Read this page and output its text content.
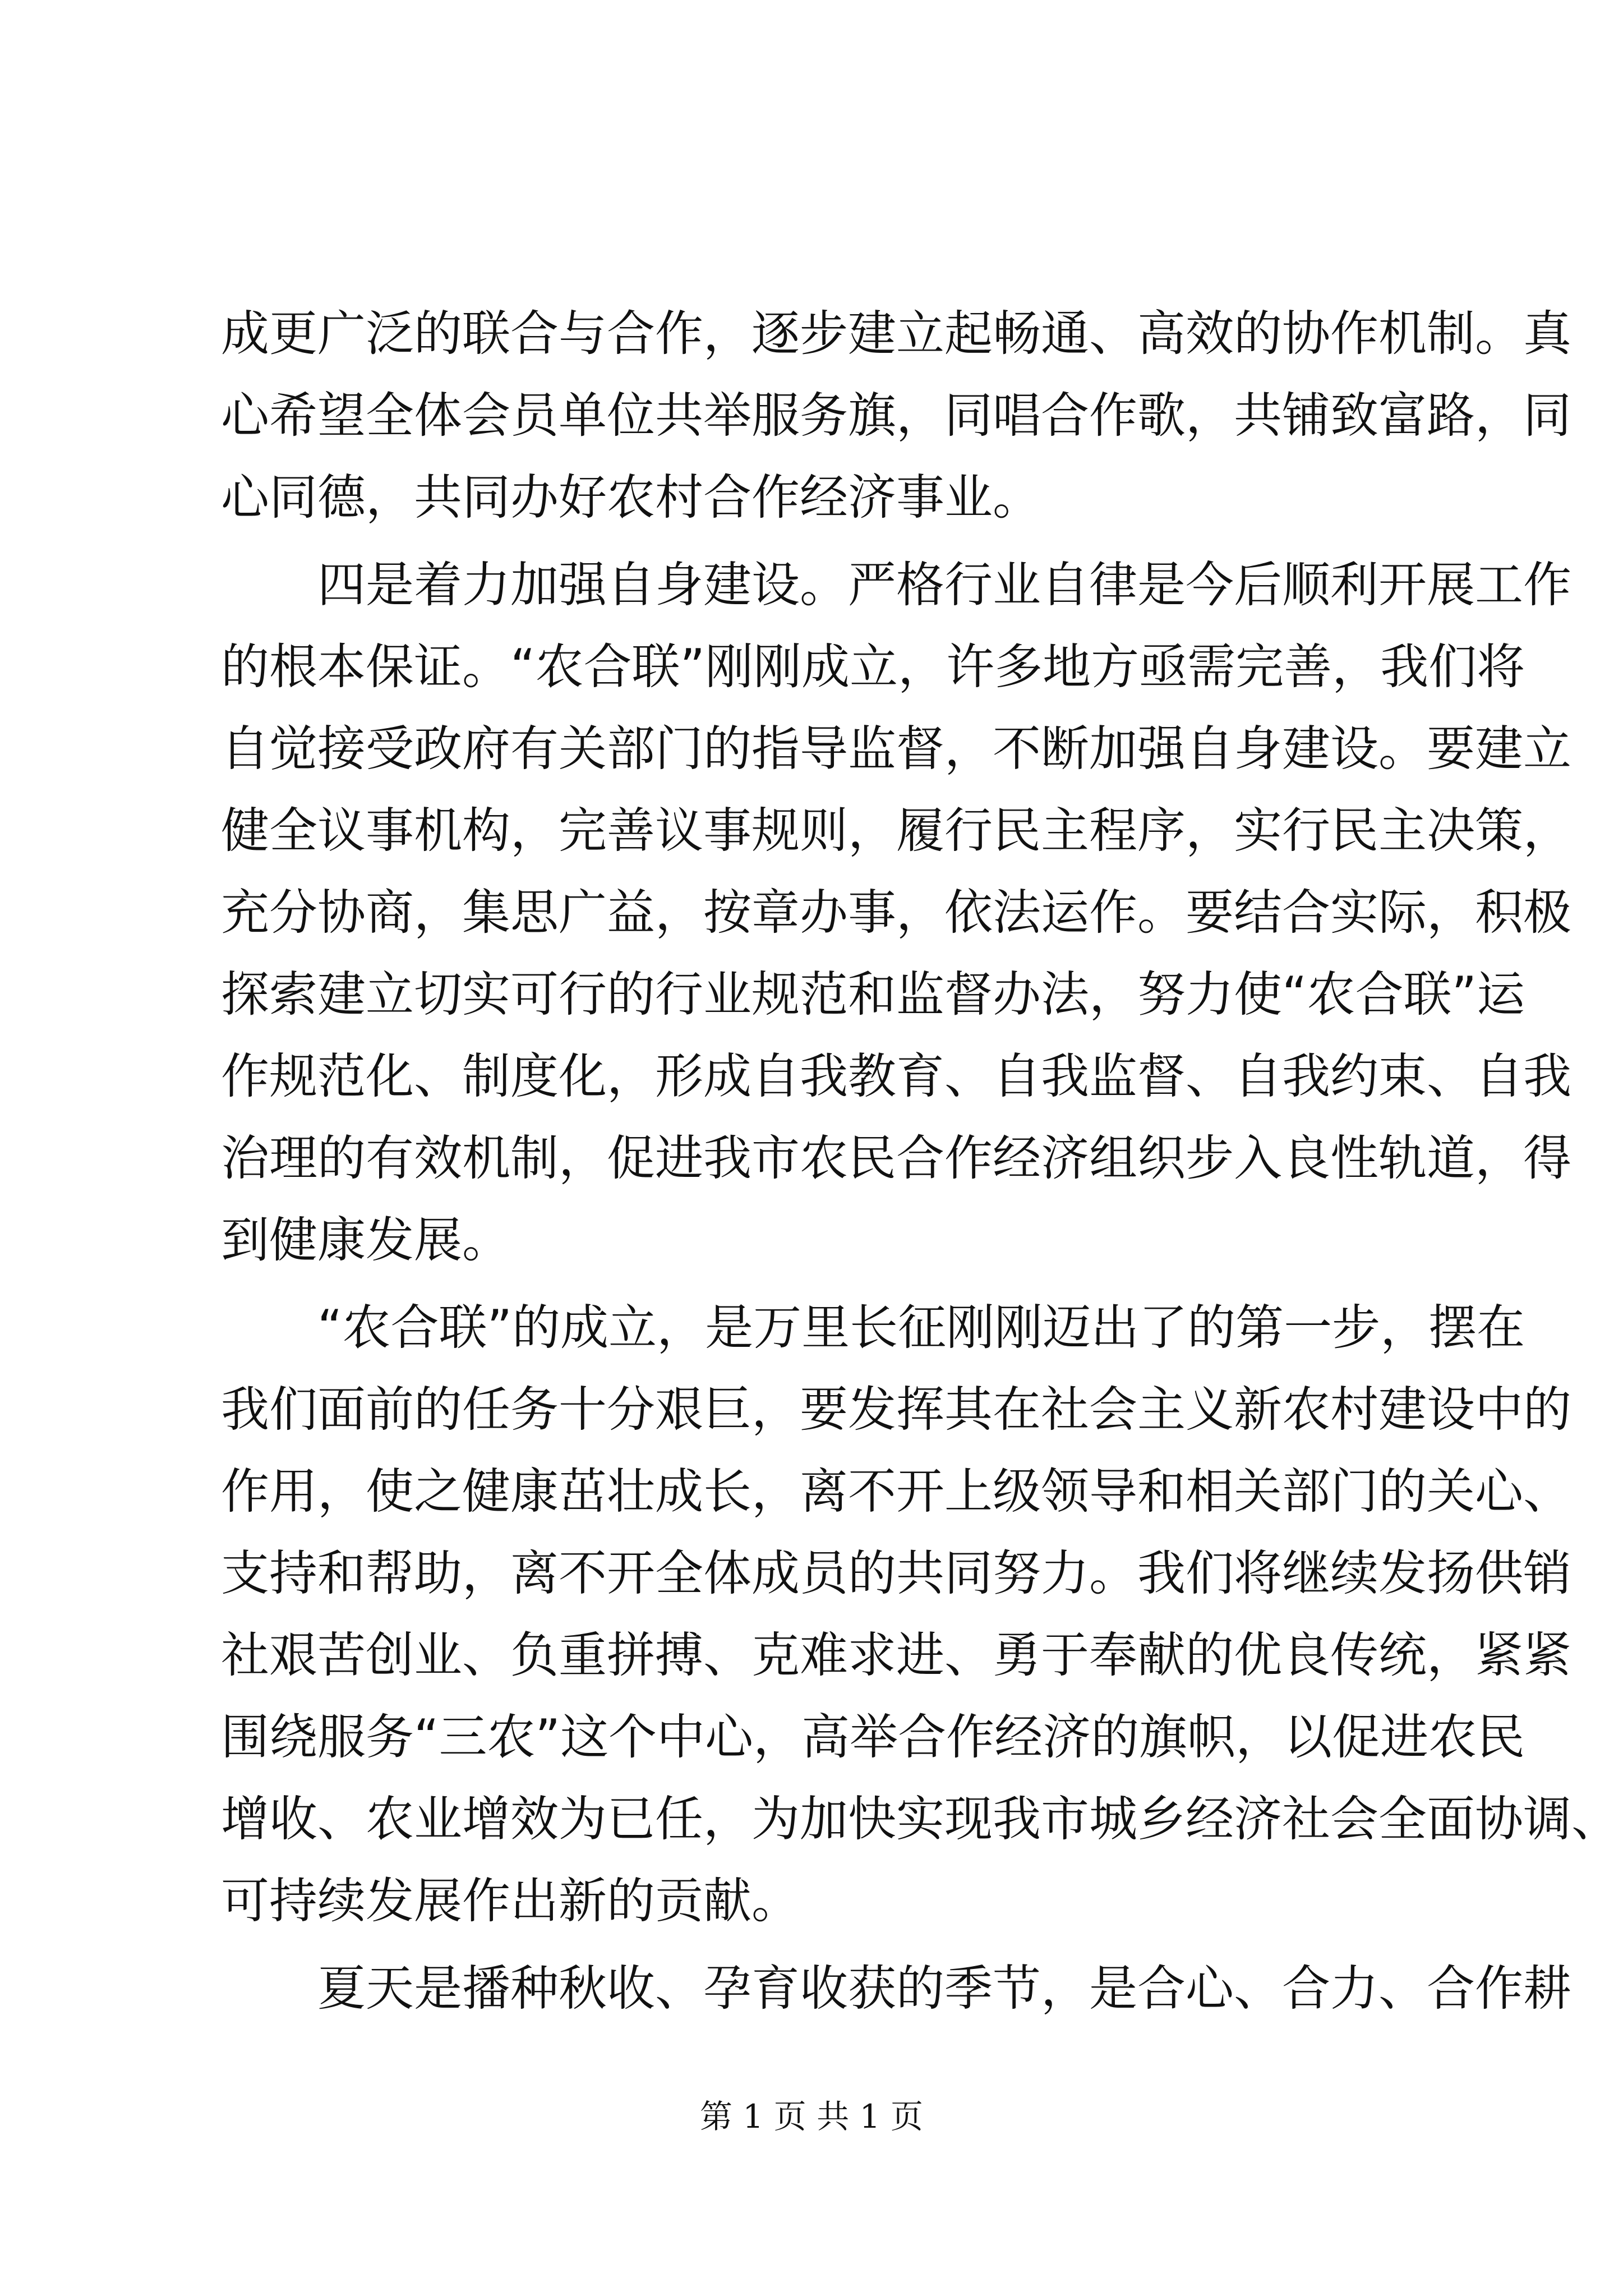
成更广泛的联合与合作，逐步建立起畅通、高效的协作机制。真
心希望全体会员单位共举服务旗，同唱合作歌，共铺致富路，同
心同德，共同办好农村合作经济事业。
四是着力加强自身建设。严格行业自律是今后顺利开展工作
的根本保证。“农合联”刚刚成立，许多地方亟需完善，我们将
自觉接受政府有关部门的指导监督，不断加强自身建设。要建立
健全议事机构，完善议事规则，履行民主程序，实行民主决策，
充分协商，集思广益，按章办事，依法运作。要结合实际，积极
探索建立切实可行的行业规范和监督办法，努力使“农合联”运
作规范化、制度化，形成自我教育、自我监督、自我约束、自我
治理的有效机制，促进我市农民合作经济组织步入良性轨道，得
到健康发展。
“农合联”的成立，是万里长征刚刚迈出了的第一步，摆在
我们面前的任务十分艰巨，要发挥其在社会主义新农村建设中的
作用，使之健康茁壮成长，离不开上级领导和相关部门的关心、
支持和帮助，离不开全体成员的共同努力。我们将继续发扬供销
社艰苦创业、负重拼搏、克难求进、勇于奉献的优良传统，紧紧
围绕服务“三农”这个中心，高举合作经济的旗帜，以促进农民
增收、农业增效为已任，为加快实现我市城乡经济社会全面协调、
可持续发展作出新的贡献。
夏天是播种秋收、孕育收获的季节，是合心、合力、合作耕
第 1 页 共 1 页
